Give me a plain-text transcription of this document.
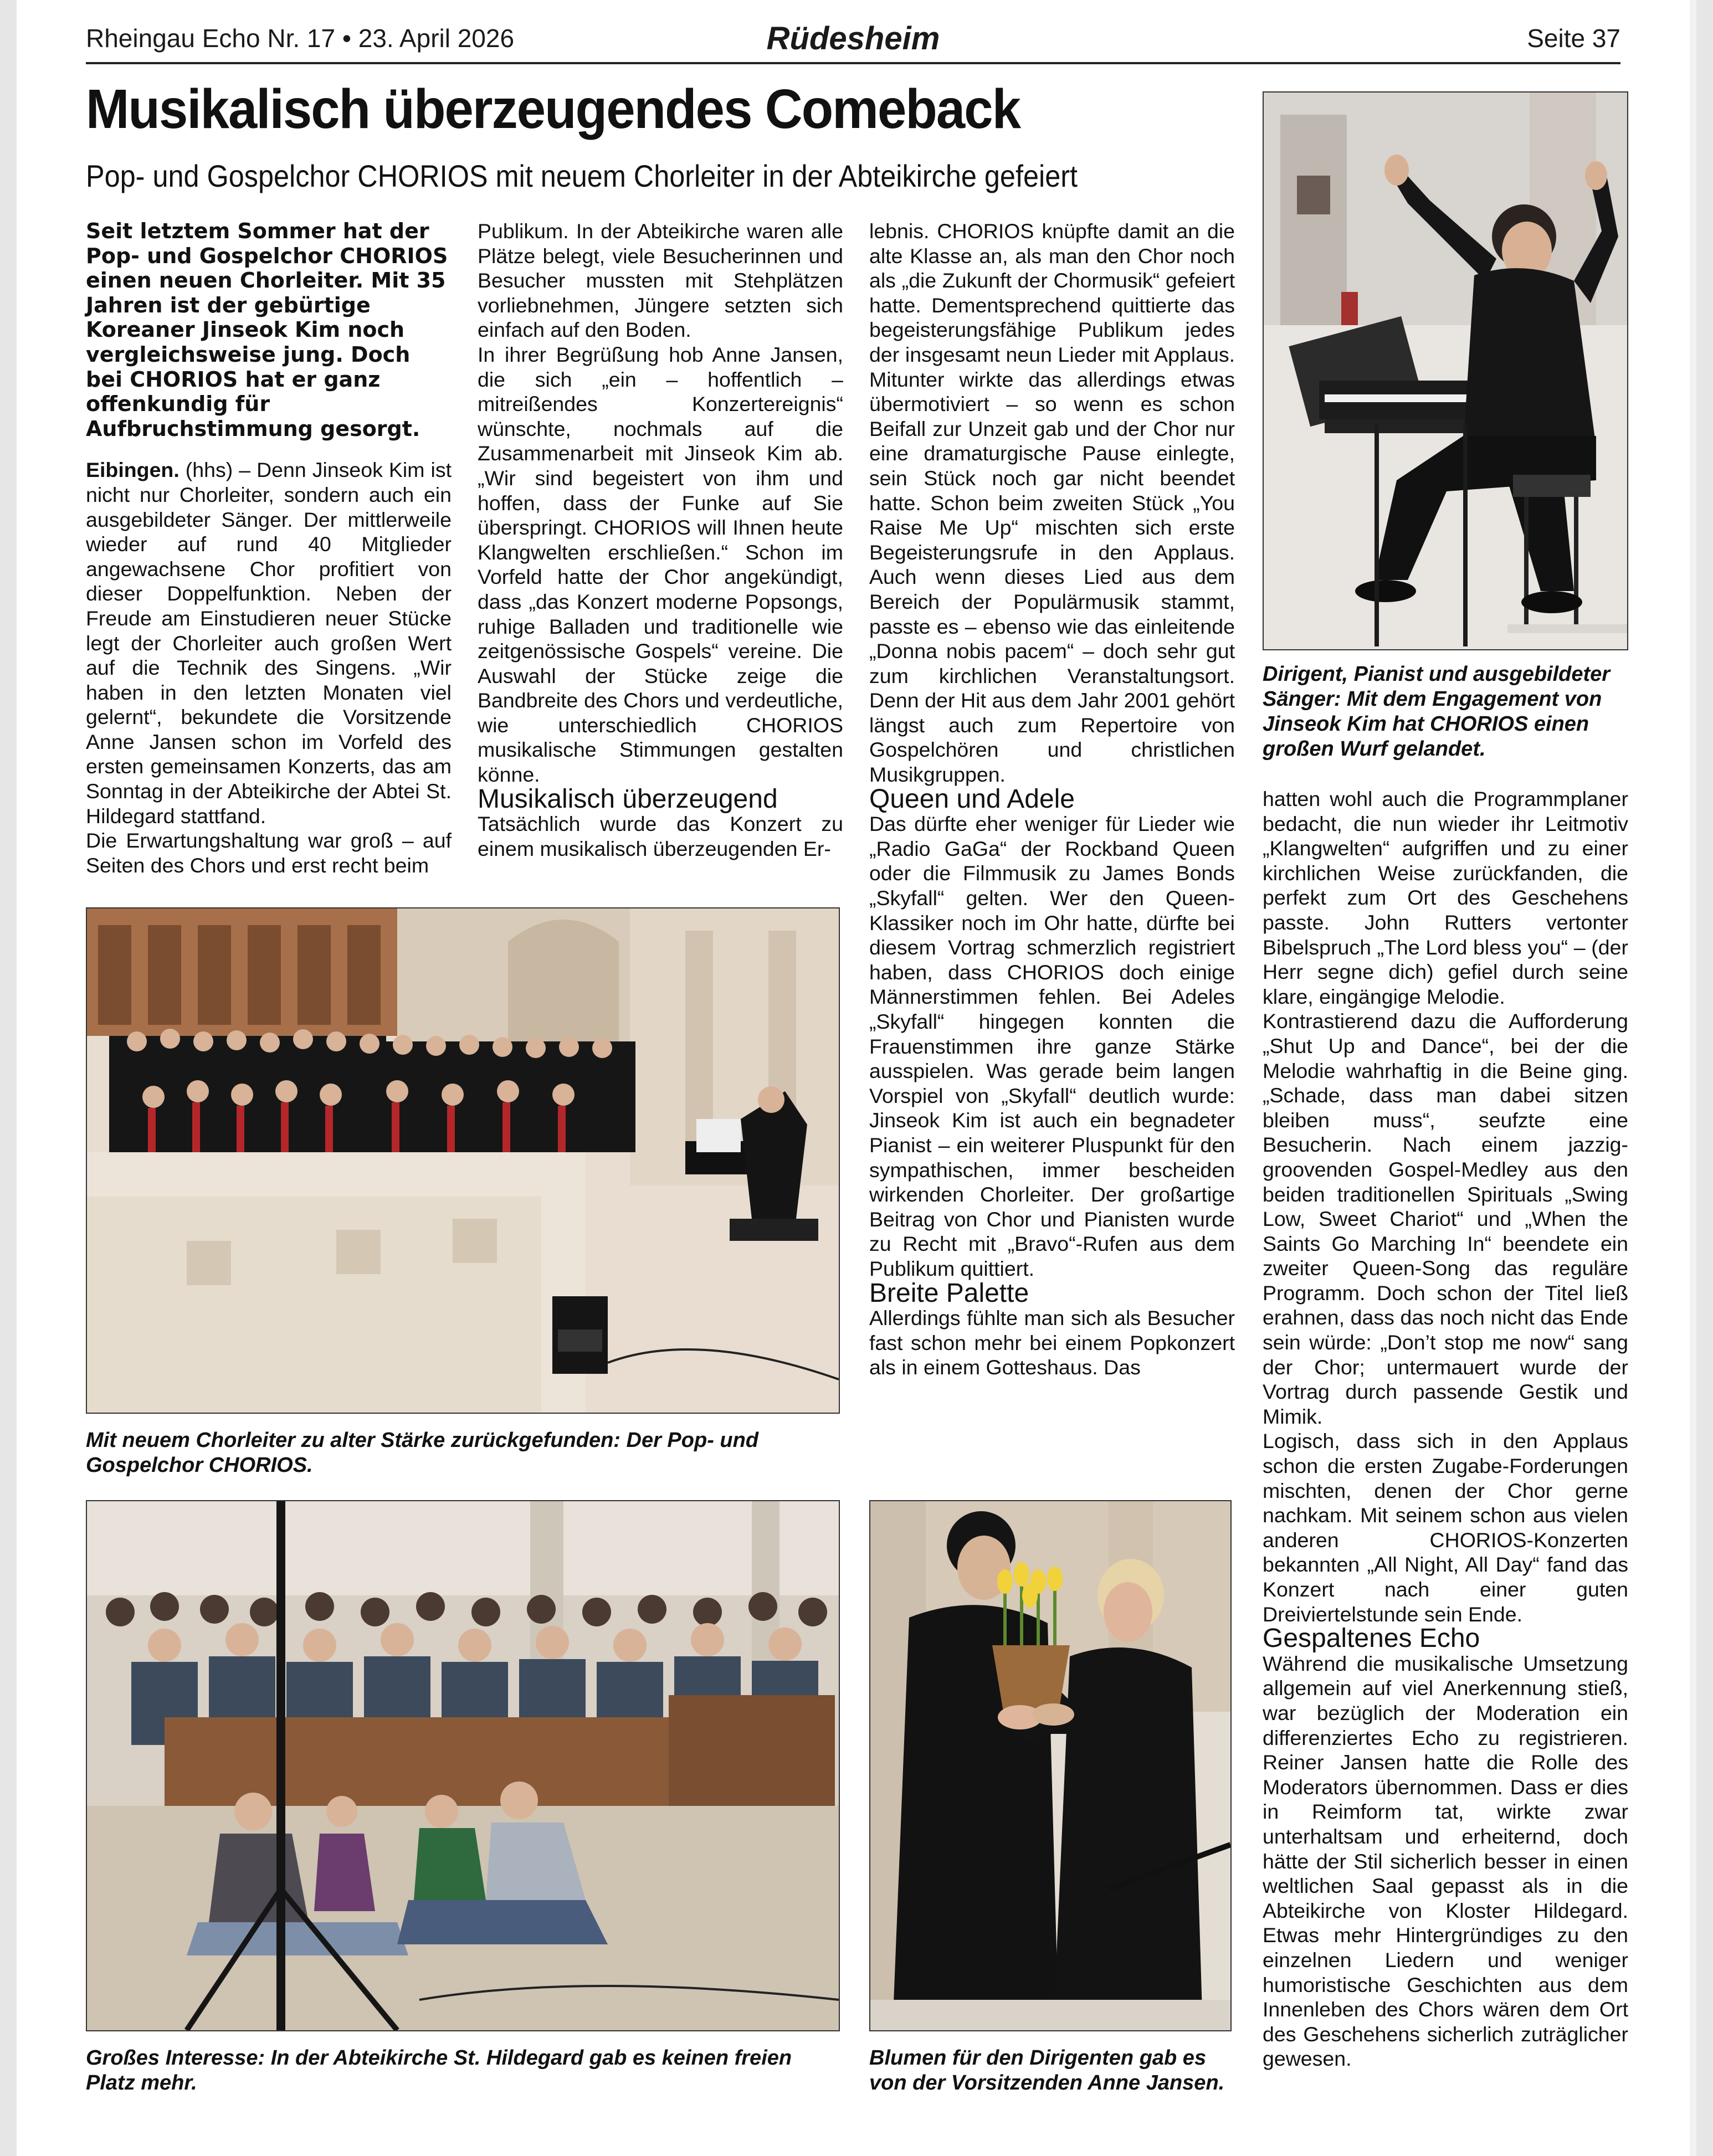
Rheingau Echo Nr. 17 • 23. April 2026	Rüdesheim	Seite 37
Musikalisch überzeugendes Comeback
Pop- und Gospelchor CHORIOS mit neuem Chorleiter in der Abteikirche gefeiert

Seit letztem Sommer hat der Pop- und Gospelchor CHORIOS einen neuen Chorleiter. Mit 35 Jahren ist der gebürtige Koreaner Jinseok Kim noch vergleichsweise jung. Doch bei CHORIOS hat er ganz offenkundig für Aufbruchstimmung gesorgt.

Eibingen. (hhs) – Denn Jinseok Kim ist nicht nur Chorleiter, sondern auch ein ausgebildeter Sänger. Der mittlerweile wieder auf rund 40 Mitglieder angewachsene Chor profitiert von dieser Doppelfunktion. Neben der Freude am Einstudieren neuer Stücke legt der Chorleiter auch großen Wert auf die Technik des Singens. „Wir haben in den letzten Monaten viel gelernt“, bekundete die Vorsitzende Anne Jansen schon im Vorfeld des ersten gemeinsamen Konzerts, das am Sonntag in der Abteikirche der Abtei St. Hildegard stattfand.

Die Erwartungshaltung war groß – auf Seiten des Chors und erst recht beim

Publikum. In der Abteikirche waren alle Plätze belegt, viele Besucherinnen und Besucher mussten mit Stehplätzen vorliebnehmen, Jüngere setzten sich einfach auf den Boden.

In ihrer Begrüßung hob Anne Jansen, die sich „ein – hoffentlich – mitreißendes Konzertereignis“ wünschte, nochmals auf die Zusammenarbeit mit Jinseok Kim ab. „Wir sind begeistert von ihm und hoffen, dass der Funke auf Sie überspringt. CHORIOS will Ihnen heute Klangwelten erschließen.“ Schon im Vorfeld hatte der Chor angekündigt, dass „das Konzert moderne Popsongs, ruhige Balladen und traditionelle wie zeitgenössische Gospels“ vereine. Die Auswahl der Stücke zeige die Bandbreite des Chors und verdeutliche, wie unterschiedlich CHORIOS musikalische Stimmungen gestalten könne.

Musikalisch überzeugend

Tatsächlich wurde das Konzert zu einem musikalisch überzeugenden Er-

lebnis. CHORIOS knüpfte damit an die alte Klasse an, als man den Chor noch als „die Zukunft der Chormusik“ gefeiert hatte. Dementsprechend quittierte das begeisterungsfähige Publikum jedes der insgesamt neun Lieder mit Applaus. Mitunter wirkte das allerdings etwas übermotiviert – so wenn es schon Beifall zur Unzeit gab und der Chor nur eine dramaturgische Pause einlegte, sein Stück noch gar nicht beendet hatte. Schon beim zweiten Stück „You Raise Me Up“ mischten sich erste Begeisterungsrufe in den Applaus. Auch wenn dieses Lied aus dem Bereich der Populärmusik stammt, passte es – ebenso wie das einleitende „Donna nobis pacem“ – doch sehr gut zum kirchlichen Veranstaltungsort. Denn der Hit aus dem Jahr 2001 gehört längst auch zum Repertoire von Gospelchören und christlichen Musikgruppen.

Queen und Adele

Das dürfte eher weniger für Lieder wie „Radio GaGa“ der Rockband Queen oder die Filmmusik zu James Bonds „Skyfall“ gelten. Wer den Queen-Klassiker noch im Ohr hatte, dürfte bei diesem Vortrag schmerzlich registriert haben, dass CHORIOS doch einige Männerstimmen fehlen. Bei Adeles „Skyfall“ hingegen konnten die Frauenstimmen ihre ganze Stärke ausspielen. Was gerade beim langen Vorspiel von „Skyfall“ deutlich wurde: Jinseok Kim ist auch ein begnadeter Pianist – ein weiterer Pluspunkt für den sympathischen, immer bescheiden wirkenden Chorleiter. Der großartige Beitrag von Chor und Pianisten wurde zu Recht mit „Bravo“-Rufen aus dem Publikum quittiert.

Breite Palette

Allerdings fühlte man sich als Besucher fast schon mehr bei einem Popkonzert als in einem Gotteshaus. Das

hatten wohl auch die Programmplaner bedacht, die nun wieder ihr Leitmotiv „Klangwelten“ aufgriffen und zu einer kirchlichen Weise zurückfanden, die perfekt zum Ort des Geschehens passte. John Rutters vertonter Bibelspruch „The Lord bless you“ – (der Herr segne dich) gefiel durch seine klare, eingängige Melodie.

Kontrastierend dazu die Aufforderung „Shut Up and Dance“, bei der die Melodie wahrhaftig in die Beine ging. „Schade, dass man dabei sitzen bleiben muss“, seufzte eine Besucherin. Nach einem jazzig-groovenden Gospel-Medley aus den beiden traditionellen Spirituals „Swing Low, Sweet Chariot“ und „When the Saints Go Marching In“ beendete ein zweiter Queen-Song das reguläre Programm. Doch schon der Titel ließ erahnen, dass das noch nicht das Ende sein würde: „Don’t stop me now“ sang der Chor; untermauert wurde der Vortrag durch passende Gestik und Mimik.

Logisch, dass sich in den Applaus schon die ersten Zugabe-Forderungen mischten, denen der Chor gerne nachkam. Mit seinem schon aus vielen anderen CHORIOS-Konzerten bekannten „All Night, All Day“ fand das Konzert nach einer guten Dreiviertelstunde sein Ende.

Gespaltenes Echo

Während die musikalische Umsetzung allgemein auf viel Anerkennung stieß, war bezüglich der Moderation ein differenziertes Echo zu registrieren. Reiner Jansen hatte die Rolle des Moderators übernommen. Dass er dies in Reimform tat, wirkte zwar unterhaltsam und erheiternd, doch hätte der Stil sicherlich besser in einen weltlichen Saal gepasst als in die Abteikirche von Kloster Hildegard. Etwas mehr Hintergründiges zu den einzelnen Liedern und weniger humoristische Geschichten aus dem Innenleben des Chors wären dem Ort des Geschehens sicherlich zuträglicher gewesen.

Dirigent, Pianist und ausgebildeter Sänger: Mit dem Engagement von Jinseok Kim hat CHORIOS einen großen Wurf gelandet.
Mit neuem Chorleiter zu alter Stärke zurückgefunden: Der Pop- und Gospelchor CHORIOS.
Großes Interesse: In der Abteikirche St. Hildegard gab es keinen freien Platz mehr.
Blumen für den Dirigenten gab es von der Vorsitzenden Anne Jansen.
